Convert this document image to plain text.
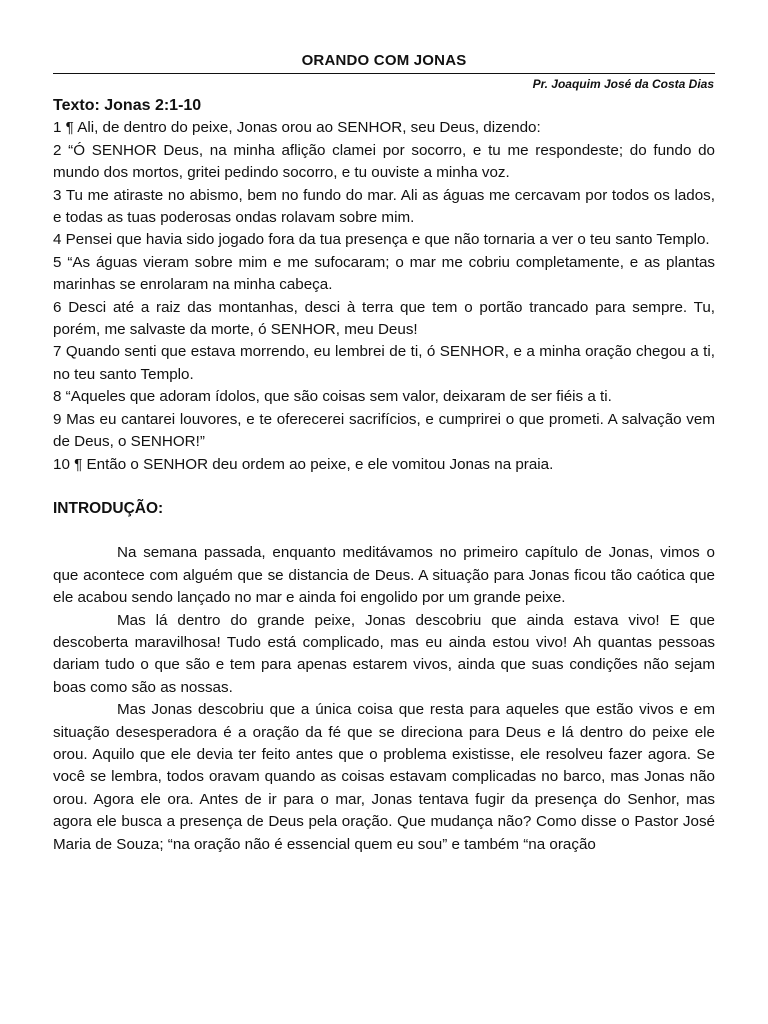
ORANDO COM JONAS
Pr. Joaquim José da Costa Dias

Texto: Jonas 2:1-10

1 ¶ Ali, de dentro do peixe, Jonas orou ao SENHOR, seu Deus, dizendo:

2 “Ó SENHOR Deus, na minha aflição clamei por socorro, e tu me respondeste; do fundo do mundo dos mortos, gritei pedindo socorro, e tu ouviste a minha voz.

3 Tu me atiraste no abismo, bem no fundo do mar. Ali as águas me cercavam por todos os lados, e todas as tuas poderosas ondas rolavam sobre mim.

4 Pensei que havia sido jogado fora da tua presença e que não tornaria a ver o teu santo Templo.

5 “As águas vieram sobre mim e me sufocaram; o mar me cobriu completamente, e as plantas marinhas se enrolaram na minha cabeça.

6 Desci até a raiz das montanhas, desci à terra que tem o portão trancado para sempre. Tu, porém, me salvaste da morte, ó SENHOR, meu Deus!

7 Quando senti que estava morrendo, eu lembrei de ti, ó SENHOR, e a minha oração chegou a ti, no teu santo Templo.

8 “Aqueles que adoram ídolos, que são coisas sem valor, deixaram de ser fiéis a ti.

9 Mas eu cantarei louvores, e te oferecerei sacrifícios, e cumprirei o que prometi. A salvação vem de Deus, o SENHOR!”

10 ¶ Então o SENHOR deu ordem ao peixe, e ele vomitou Jonas na praia.

INTRODUÇÃO:

Na semana passada, enquanto meditávamos no primeiro capítulo de Jonas, vimos o que acontece com alguém que se distancia de Deus. A situação para Jonas ficou tão caótica que ele acabou sendo lançado no mar e ainda foi engolido por um grande peixe.

Mas lá dentro do grande peixe, Jonas descobriu que ainda estava vivo! E que descoberta maravilhosa! Tudo está complicado, mas eu ainda estou vivo! Ah quantas pessoas dariam tudo o que são e tem para apenas estarem vivos, ainda que suas condições não sejam boas como são as nossas.

Mas Jonas descobriu que a única coisa que resta para aqueles que estão vivos e em situação desesperadora é a oração da fé que se direciona para Deus e lá dentro do peixe ele orou. Aquilo que ele devia ter feito antes que o problema existisse, ele resolveu fazer agora. Se você se lembra, todos oravam quando as coisas estavam complicadas no barco, mas Jonas não orou. Agora ele ora. Antes de ir para o mar, Jonas tentava fugir da presença do Senhor, mas agora ele busca a presença de Deus pela oração. Que mudança não? Como disse o Pastor José Maria de Souza; “na oração não é essencial quem eu sou” e também “na oração
